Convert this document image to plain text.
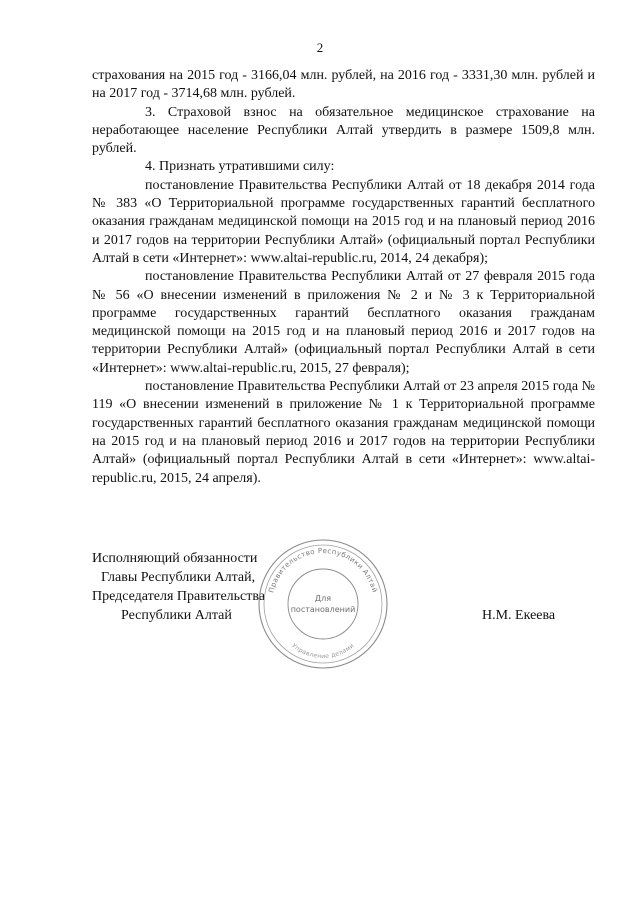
2

страхования на 2015 год - 3166,04 млн. рублей, на 2016 год - 3331,30 млн. рублей и на 2017 год - 3714,68 млн. рублей.

3. Страховой взнос на обязательное медицинское страхование на неработающее население Республики Алтай утвердить в размере 1509,8 млн. рублей.

4. Признать утратившими силу:

постановление Правительства Республики Алтай от 18 декабря 2014 года № 383 «О Территориальной программе государственных гарантий бесплатного оказания гражданам медицинской помощи на 2015 год и на плановый период 2016 и 2017 годов на территории Республики Алтай» (официальный портал Республики Алтай в сети «Интернет»: www.altai-republic.ru, 2014, 24 декабря);

постановление Правительства Республики Алтай от 27 февраля 2015 года № 56 «О внесении изменений в приложения № 2 и № 3 к Территориальной программе государственных гарантий бесплатного оказания гражданам медицинской помощи на 2015 год и на плановый период 2016 и 2017 годов на территории Республики Алтай» (официальный портал Республики Алтай в сети «Интернет»: www.altai-republic.ru, 2015, 27 февраля);

постановление Правительства Республики Алтай от 23 апреля 2015 года № 119 «О внесении изменений в приложение № 1 к Территориальной программе государственных гарантий бесплатного оказания гражданам медицинской помощи на 2015 год и на плановый период 2016 и 2017 годов на территории Республики Алтай» (официальный портал Республики Алтай в сети «Интернет»: www.altai-republic.ru, 2015, 24 апреля).

Исполняющий обязанности
Главы Республики Алтай,
Председателя Правительства
Республики Алтай	Н.М. Екеева
Правительство Республики Алтай
Управление делами
Для
постановлений
